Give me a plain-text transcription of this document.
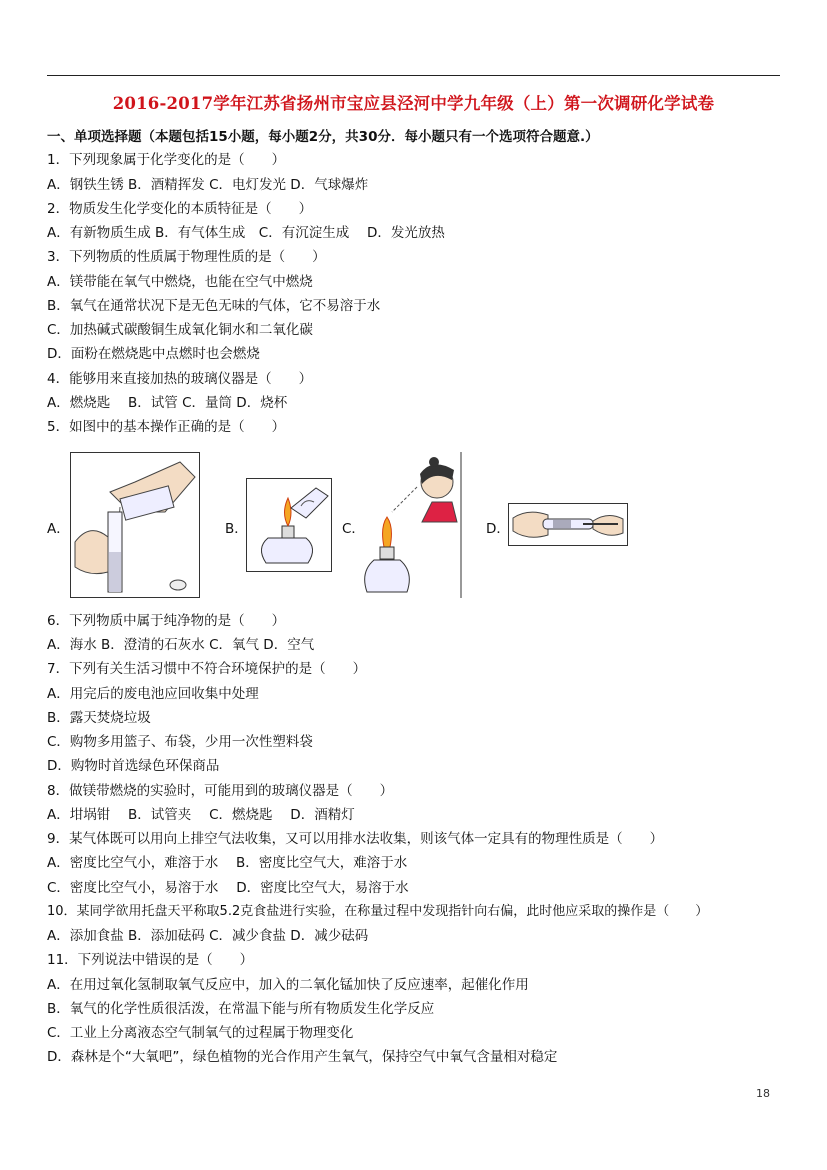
2016-2017学年江苏省扬州市宝应县泾河中学九年级（上）第一次调研化学试卷
一、单项选择题（本题包括15小题，每小题2分，共30分．每小题只有一个选项符合题意.）
1．下列现象属于化学变化的是（　　）
A．钢铁生锈 B．酒精挥发 C．电灯发光 D．气球爆炸
2．物质发生化学变化的本质特征是（　　）
A．有新物质生成 B．有气体生成　C．有沉淀生成　 D．发光放热
3．下列物质的性质属于物理性质的是（　　）
A．镁带能在氧气中燃烧，也能在空气中燃烧
B．氧气在通常状况下是无色无味的气体，它不易溶于水
C．加热碱式碳酸铜生成氧化铜水和二氧化碳
D．面粉在燃烧匙中点燃时也会燃烧
4．能够用来直接加热的玻璃仪器是（　　）
A．燃烧匙　 B．试管 C．量筒 D．烧杯
5．如图中的基本操作正确的是（　　）
A．	B．	C．	D．
6．下列物质中属于纯净物的是（　　）
A．海水 B．澄清的石灰水 C．氧气 D．空气
7．下列有关生活习惯中不符合环境保护的是（　　）
A．用完后的废电池应回收集中处理
B．露天焚烧垃圾
C．购物多用篮子、布袋，少用一次性塑料袋
D．购物时首选绿色环保商品
8．做镁带燃烧的实验时，可能用到的玻璃仪器是（　　）
A．坩埚钳　 B．试管夹　 C．燃烧匙　 D．酒精灯
9．某气体既可以用向上排空气法收集，又可以用排水法收集，则该气体一定具有的物理性质是（　　）
A．密度比空气小，难溶于水　 B．密度比空气大，难溶于水
C．密度比空气小，易溶于水　 D．密度比空气大，易溶于水
10．某同学欲用托盘天平称取5.2克食盐进行实验，在称量过程中发现指针向右偏，此时他应采取的操作是（　　）
A．添加食盐 B．添加砝码 C．减少食盐 D．减少砝码
11．下列说法中错误的是（　　）
A．在用过氧化氢制取氧气反应中，加入的二氧化锰加快了反应速率，起催化作用
B．氧气的化学性质很活泼，在常温下能与所有物质发生化学反应
C．工业上分离液态空气制氧气的过程属于物理变化
D．森林是个“大氧吧”，绿色植物的光合作用产生氧气，保持空气中氧气含量相对稳定
18
